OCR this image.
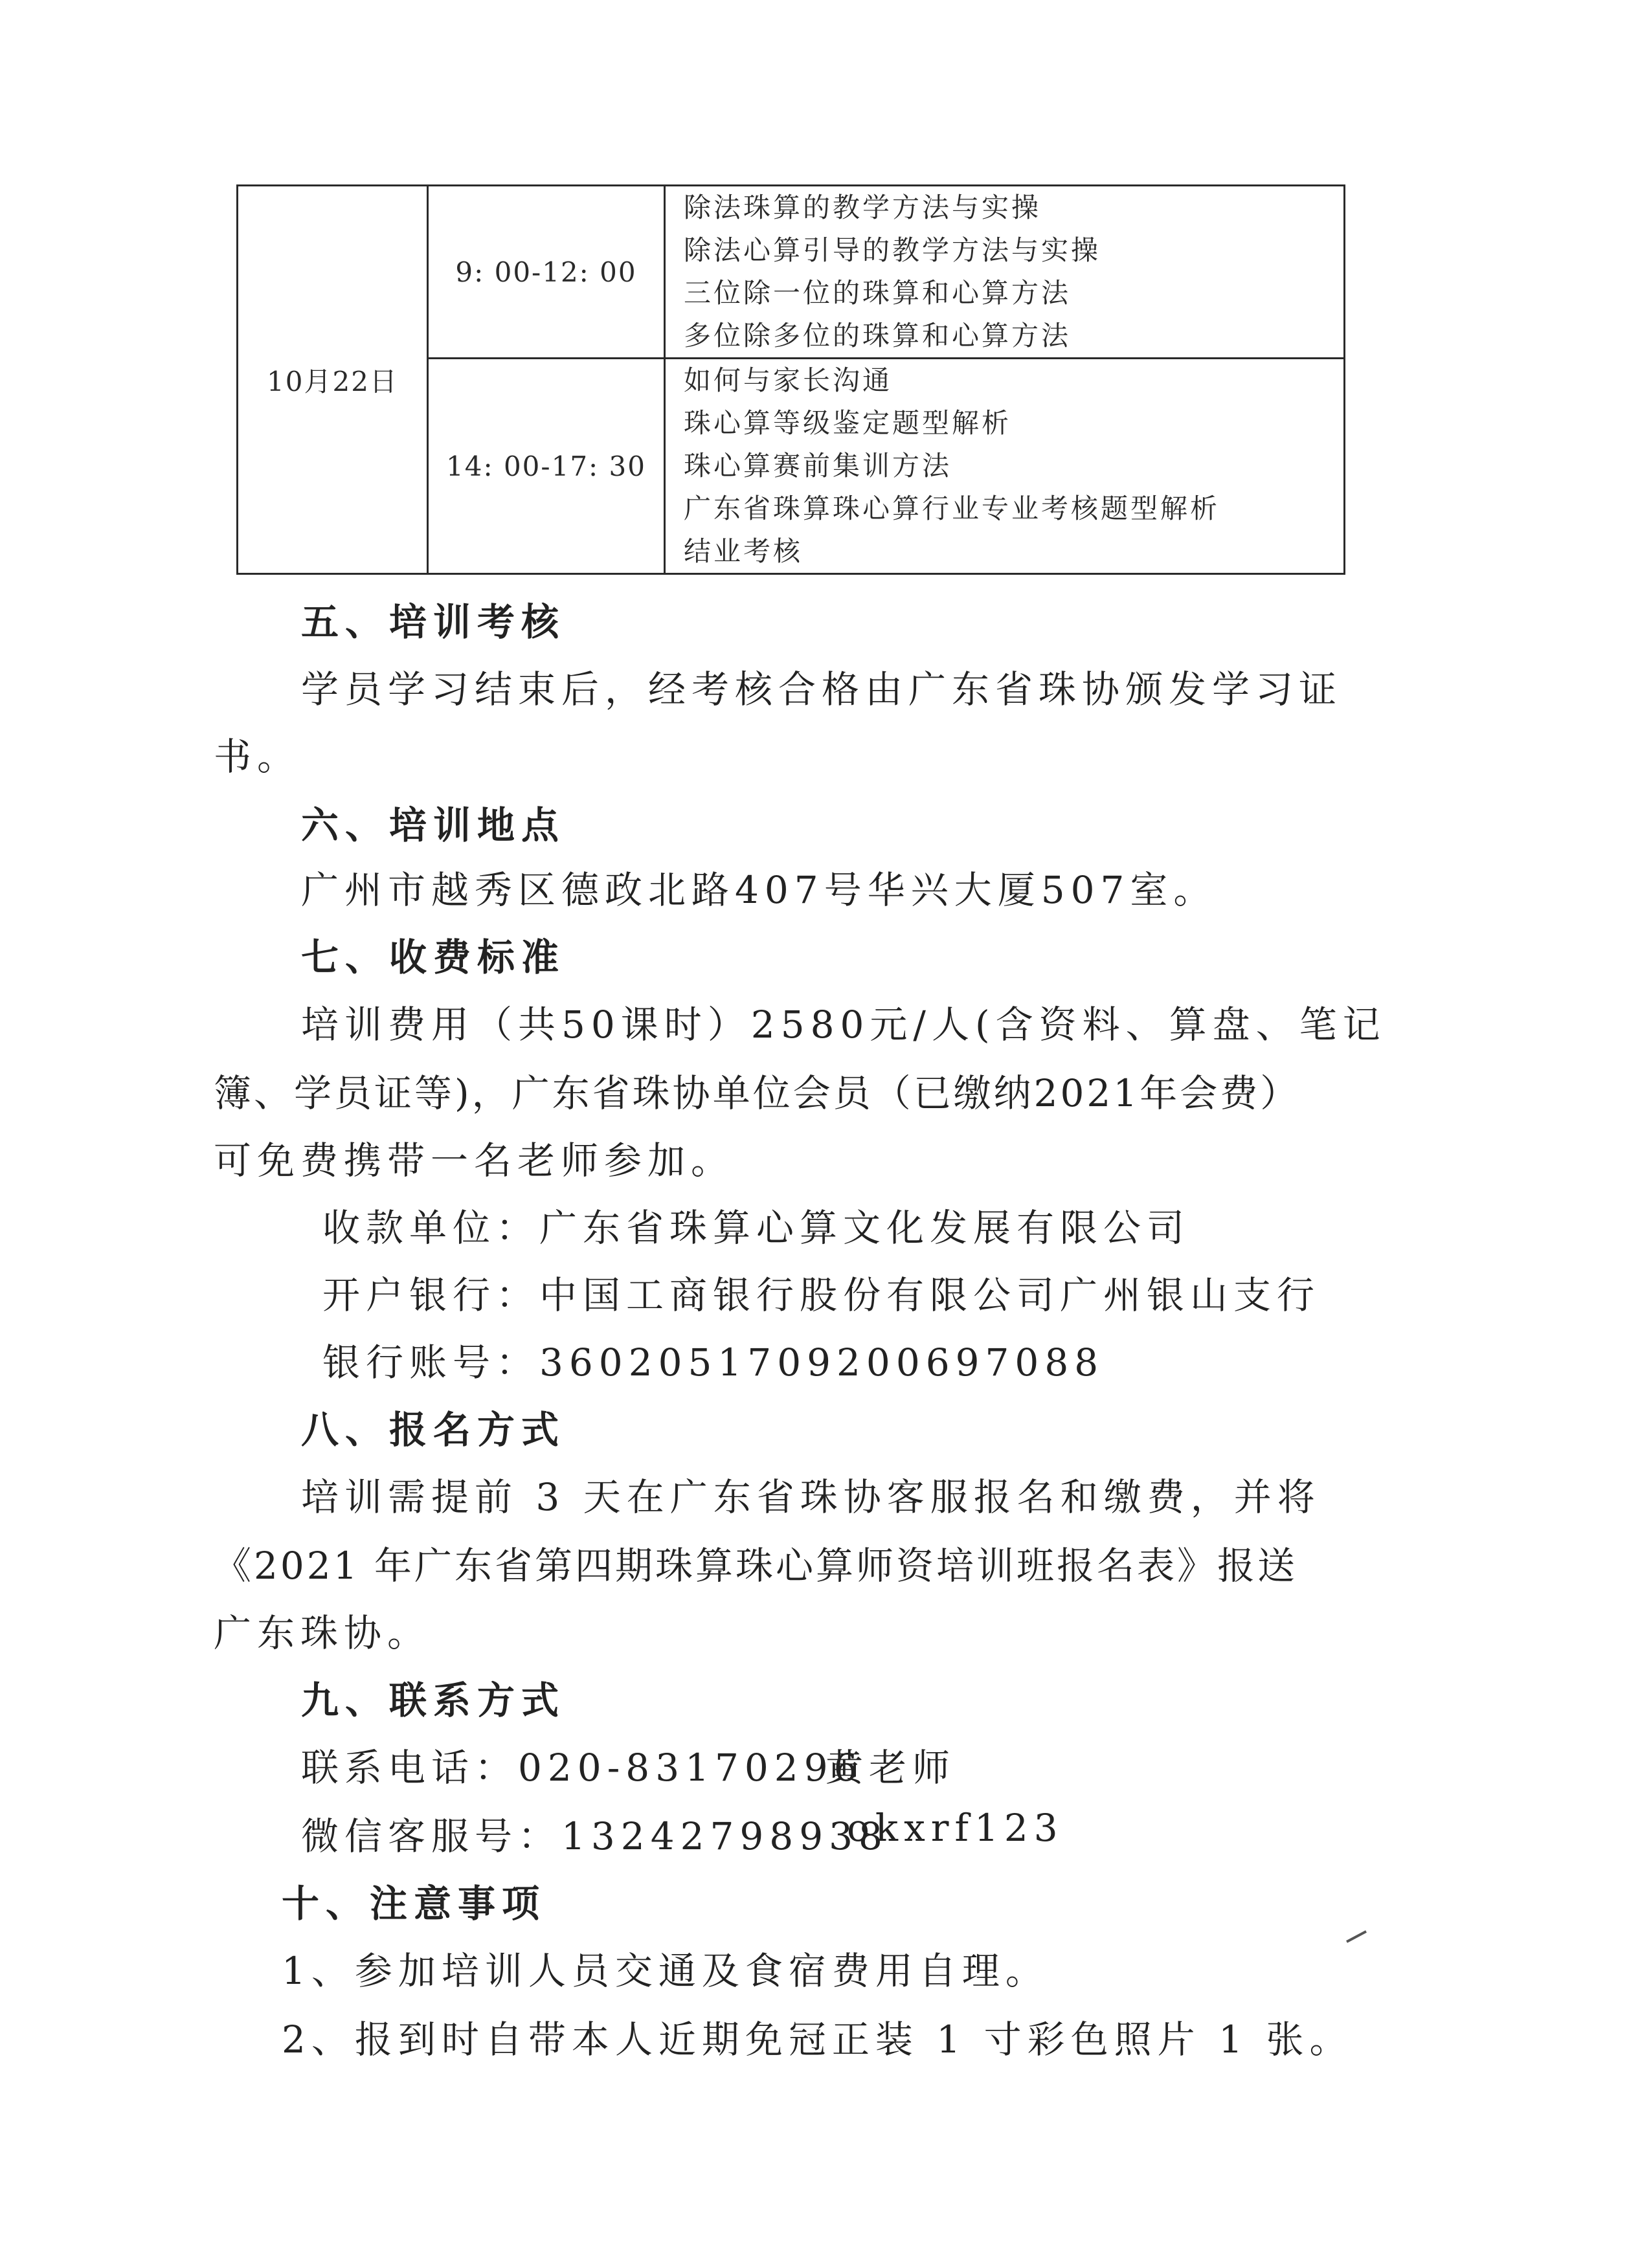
10月22日	9: 00-12: 00	除法珠算的教学方法与实操
除法心算引导的教学方法与实操
三位除一位的珠算和心算方法
多位除多位的珠算和心算方法

	14: 00-17: 30	如何与家长沟通
珠心算等级鉴定题型解析
珠心算赛前集训方法
广东省珠算珠心算行业专业考核题型解析
结业考核
五、培训考核
学员学习结束后，经考核合格由广东省珠协颁发学习证
书。
六、培训地点
广州市越秀区德政北路407号华兴大厦507室。
七、收费标准
培训费用（共50课时）2580元/人(含资料、算盘、笔记
簿、学员证等)，广东省珠协单位会员（已缴纳2021年会费）
可免费携带一名老师参加。
收款单位：广东省珠算心算文化发展有限公司
开户银行：中国工商银行股份有限公司广州银山支行
银行账号：3602051709200697088
八、报名方式
培训需提前 3 天在广东省珠协客服报名和缴费，并将
《2021 年广东省第四期珠算珠心算师资培训班报名表》报送
广东珠协。
九、联系方式
联系电话：020-83170296
黄老师
微信客服号：13242798938
okxrf123
十、注意事项
1、参加培训人员交通及食宿费用自理。
2、报到时自带本人近期免冠正装 1 寸彩色照片 1 张。
